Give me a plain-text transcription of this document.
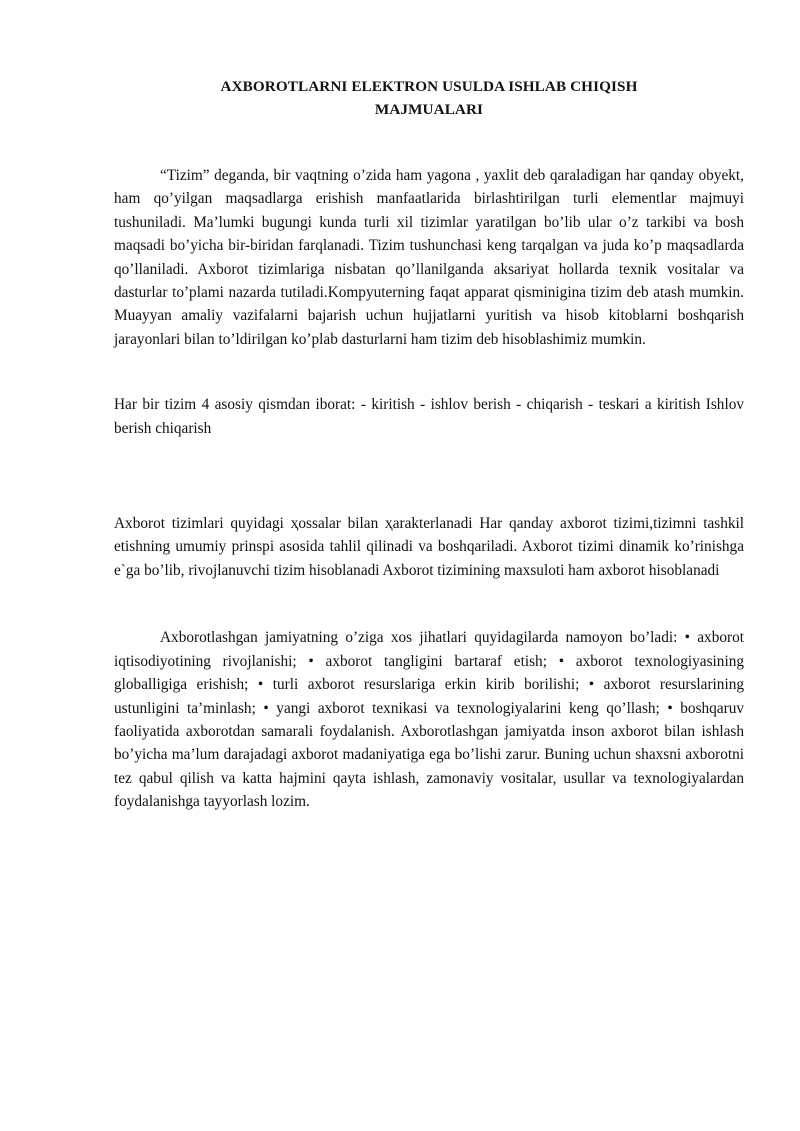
AXBOROTLARNI ELEKTRON USULDA ISHLAB CHIQISH
MAJMUALARI

“Tizim” deganda, bir vaqtning o’zida ham yagona , yaxlit deb qaraladigan har qanday obyekt, ham qo’yilgan maqsadlarga erishish manfaatlarida birlashtirilgan turli elementlar majmuyi tushuniladi. Ma’lumki bugungi kunda turli xil tizimlar yaratilgan bo’lib ular o’z tarkibi va bosh maqsadi bo’yicha bir-biridan farqlanadi. Tizim tushunchasi keng tarqalgan va juda ko’p maqsadlarda qo’llaniladi. Axborot tizimlariga nisbatan qo’llanilganda aksariyat hollarda texnik vositalar va dasturlar to’plami nazarda tutiladi.Kompyuterning faqat apparat qisminigina tizim deb atash mumkin. Muayyan amaliy vazifalarni bajarish uchun hujjatlarni yuritish va hisob kitoblarni boshqarish jarayonlari bilan to’ldirilgan ko’plab dasturlarni ham tizim deb hisoblashimiz mumkin.

Har bir tizim 4 asosiy qismdan iborat: - kiritish - ishlov berish - chiqarish - teskari a kiritish Ishlov berish chiqarish

Axborot tizimlari quyidagi ҳossalar bilan ҳarakterlanadi Har qanday axborot tizimi,tizimni tashkil etishning umumiy prinspi asosida tahlil qilinadi va boshqariladi. Axborot tizimi dinamik ko’rinishga e`ga bo’lib, rivojlanuvchi tizim hisoblanadi Axborot tizimining maxsuloti ham axborot hisoblanadi

Axborotlashgan jamiyatning o’ziga xos jihatlari quyidagilarda namoyon bo’ladi: • axborot iqtisodiyotining rivojlanishi; • axborot tangligini bartaraf etish; • axborot texnologiyasining globalligiga erishish; • turli axborot resurslariga erkin kirib borilishi; • axborot resurslarining ustunligini ta’minlash; • yangi axborot texnikasi va texnologiyalarini keng qo’llash; • boshqaruv faoliyatida axborotdan samarali foydalanish. Axborotlashgan jamiyatda inson axborot bilan ishlash bo’yicha ma’lum darajadagi axborot madaniyatiga ega bo’lishi zarur. Buning uchun shaxsni axborotni tez qabul qilish va katta hajmini qayta ishlash, zamonaviy vositalar, usullar va texnologiyalardan foydalanishga tayyorlash lozim.
